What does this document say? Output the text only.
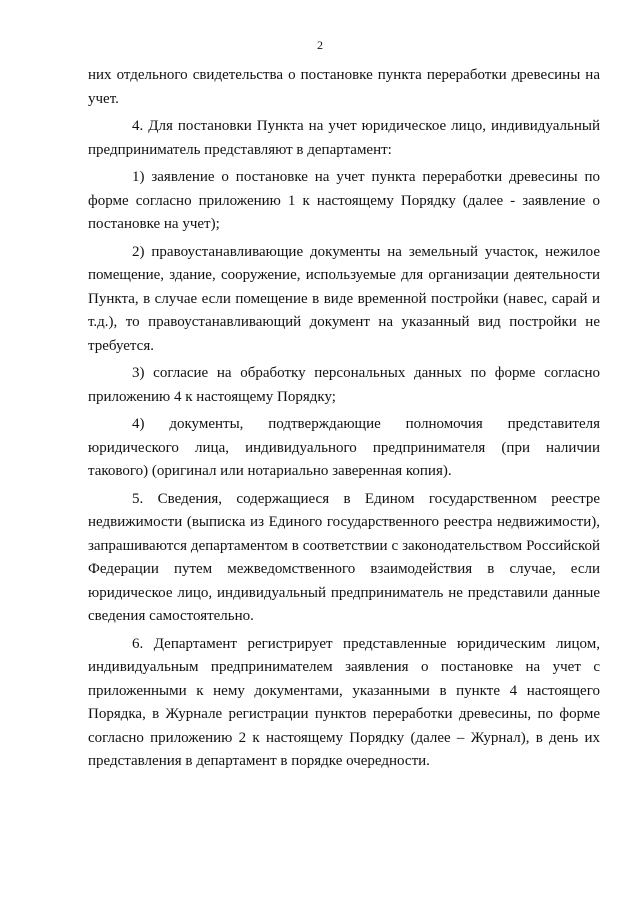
2

них отдельного свидетельства о постановке пункта переработки древесины на учет.

4. Для постановки Пункта на учет юридическое лицо, индивидуальный предприниматель представляют в департамент:

1) заявление о постановке на учет пункта переработки древесины по форме согласно приложению 1 к настоящему Порядку (далее - заявление о постановке на учет);

2) правоустанавливающие документы на земельный участок, нежилое помещение, здание, сооружение, используемые для организации деятельности Пункта, в случае если помещение в виде временной постройки (навес, сарай и т.д.), то правоустанавливающий документ на указанный вид постройки не требуется.

3) согласие на обработку персональных данных по форме согласно приложению 4 к настоящему Порядку;

4) документы, подтверждающие полномочия представителя юридического лица, индивидуального предпринимателя (при наличии такового) (оригинал или нотариально заверенная копия).

5. Сведения, содержащиеся в Едином государственном реестре недвижимости (выписка из Единого государственного реестра недвижимости), запрашиваются департаментом в соответствии с законодательством Российской Федерации путем межведомственного взаимодействия в случае, если юридическое лицо, индивидуальный предприниматель не представили данные сведения самостоятельно.

6. Департамент регистрирует представленные юридическим лицом, индивидуальным предпринимателем заявления о постановке на учет с приложенными к нему документами, указанными в пункте 4 настоящего Порядка, в Журнале регистрации пунктов переработки древесины, по форме согласно приложению 2 к настоящему Порядку (далее – Журнал), в день их представления в департамент в порядке очередности.
